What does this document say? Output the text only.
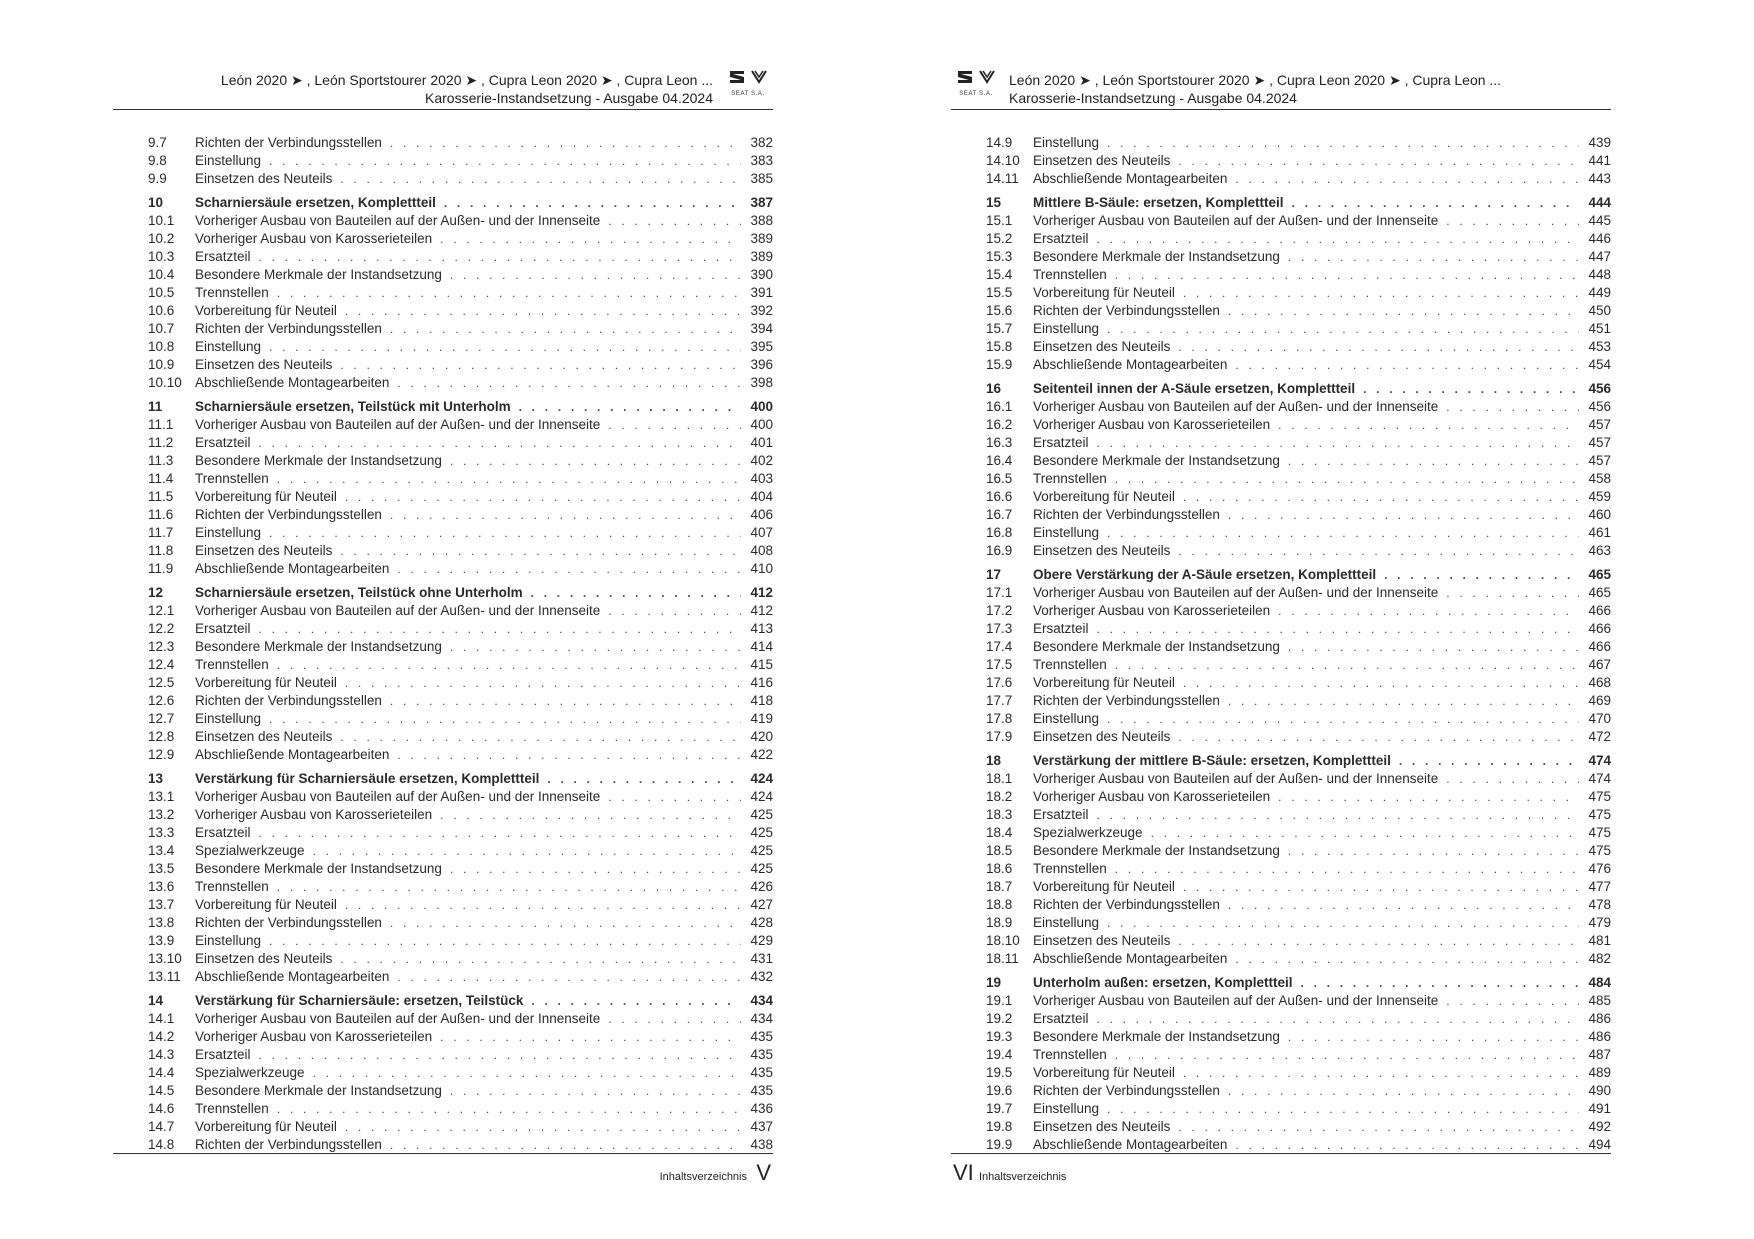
León 2020 ➤ , León Sportstourer 2020 ➤ , Cupra Leon 2020 ➤ , Cupra Leon ...
Karosserie-Instandsetzung - Ausgabe 04.2024	SEAT S.A.
9.7	Richten der Verbindungsstellen . . .	382
9.8	Einstellung . . .	383
9.9	Einsetzen des Neuteils . . .	385
10	Scharniersäule ersetzen, Komplettteil . . .	387
10.1	Vorheriger Ausbau von Bauteilen auf der Außen- und der Innenseite . . .	388
10.2	Vorheriger Ausbau von Karosserieteilen . . .	389
10.3	Ersatzteil . . .	389
10.4	Besondere Merkmale der Instandsetzung . . .	390
10.5	Trennstellen . . .	391
10.6	Vorbereitung für Neuteil . . .	392
10.7	Richten der Verbindungsstellen . . .	394
10.8	Einstellung . . .	395
10.9	Einsetzen des Neuteils . . .	396
10.10 Abschließende Montagearbeiten . . .	398
11	Scharniersäule ersetzen, Teilstück mit Unterholm . . .	400
11.1	Vorheriger Ausbau von Bauteilen auf der Außen- und der Innenseite . . .	400
11.2	Ersatzteil . . .	401
11.3	Besondere Merkmale der Instandsetzung . . .	402
11.4	Trennstellen . . .	403
11.5	Vorbereitung für Neuteil . . .	404
11.6	Richten der Verbindungsstellen . . .	406
11.7	Einstellung . . .	407
11.8	Einsetzen des Neuteils . . .	408
11.9	Abschließende Montagearbeiten . . .	410
12	Scharniersäule ersetzen, Teilstück ohne Unterholm . . .	412
12.1	Vorheriger Ausbau von Bauteilen auf der Außen- und der Innenseite . . .	412
12.2	Ersatzteil . . .	413
12.3	Besondere Merkmale der Instandsetzung . . .	414
12.4	Trennstellen . . .	415
12.5	Vorbereitung für Neuteil . . .	416
12.6	Richten der Verbindungsstellen . . .	418
12.7	Einstellung . . .	419
12.8	Einsetzen des Neuteils . . .	420
12.9	Abschließende Montagearbeiten . . .	422
13	Verstärkung für Scharniersäule ersetzen, Komplettteil . . .	424
13.1	Vorheriger Ausbau von Bauteilen auf der Außen- und der Innenseite . . .	424
13.2	Vorheriger Ausbau von Karosserieteilen . . .	425
13.3	Ersatzteil . . .	425
13.4	Spezialwerkzeuge . . .	425
13.5	Besondere Merkmale der Instandsetzung . . .	425
13.6	Trennstellen . . .	426
13.7	Vorbereitung für Neuteil . . .	427
13.8	Richten der Verbindungsstellen . . .	428
13.9	Einstellung . . .	429
13.10 Einsetzen des Neuteils . . .	431
13.11	Abschließende Montagearbeiten . . .	432
14	Verstärkung für Scharniersäule: ersetzen, Teilstück . . .	434
14.1	Vorheriger Ausbau von Bauteilen auf der Außen- und der Innenseite . . .	434
14.2	Vorheriger Ausbau von Karosserieteilen . . .	435
14.3	Ersatzteil . . .	435
14.4	Spezialwerkzeuge . . .	435
14.5	Besondere Merkmale der Instandsetzung . . .	435
14.6	Trennstellen . . .	436
14.7	Vorbereitung für Neuteil . . .	437
14.8	Richten der Verbindungsstellen . . .	438
Inhaltsverzeichnis V
SEAT S.A.
León 2020 ➤ , León Sportstourer 2020 ➤ , Cupra Leon 2020 ➤ , Cupra Leon ...
Karosserie-Instandsetzung - Ausgabe 04.2024
14.9	Einstellung . . .	439
14.10 Einsetzen des Neuteils . . .	441
14.11	Abschließende Montagearbeiten . . .	443
15	Mittlere B-Säule: ersetzen, Komplettteil . . .	444
15.1	Vorheriger Ausbau von Bauteilen auf der Außen- und der Innenseite . . .	445
15.2	Ersatzteil . . .	446
15.3	Besondere Merkmale der Instandsetzung . . .	447
15.4	Trennstellen . . .	448
15.5	Vorbereitung für Neuteil . . .	449
15.6	Richten der Verbindungsstellen . . .	450
15.7	Einstellung . . .	451
15.8	Einsetzen des Neuteils . . .	453
15.9	Abschließende Montagearbeiten . . .	454
16	Seitenteil innen der A-Säule ersetzen, Komplettteil . . .	456
16.1	Vorheriger Ausbau von Bauteilen auf der Außen- und der Innenseite . . .	456
16.2	Vorheriger Ausbau von Karosserieteilen . . .	457
16.3	Ersatzteil . . .	457
16.4	Besondere Merkmale der Instandsetzung . . .	457
16.5	Trennstellen . . .	458
16.6	Vorbereitung für Neuteil . . .	459
16.7	Richten der Verbindungsstellen . . .	460
16.8	Einstellung . . .	461
16.9	Einsetzen des Neuteils . . .	463
17	Obere Verstärkung der A-Säule ersetzen, Komplettteil . . .	465
17.1	Vorheriger Ausbau von Bauteilen auf der Außen- und der Innenseite . . .	465
17.2	Vorheriger Ausbau von Karosserieteilen . . .	466
17.3	Ersatzteil . . .	466
17.4	Besondere Merkmale der Instandsetzung . . .	466
17.5	Trennstellen . . .	467
17.6	Vorbereitung für Neuteil . . .	468
17.7	Richten der Verbindungsstellen . . .	469
17.8	Einstellung . . .	470
17.9	Einsetzen des Neuteils . . .	472
18	Verstärkung der mittlere B-Säule: ersetzen, Komplettteil . . .	474
18.1	Vorheriger Ausbau von Bauteilen auf der Außen- und der Innenseite . . .	474
18.2	Vorheriger Ausbau von Karosserieteilen . . .	475
18.3	Ersatzteil . . .	475
18.4	Spezialwerkzeuge . . .	475
18.5	Besondere Merkmale der Instandsetzung . . .	475
18.6	Trennstellen . . .	476
18.7	Vorbereitung für Neuteil . . .	477
18.8	Richten der Verbindungsstellen . . .	478
18.9	Einstellung . . .	479
18.10 Einsetzen des Neuteils . . .	481
18.11	Abschließende Montagearbeiten . . .	482
19	Unterholm außen: ersetzen, Komplettteil . . .	484
19.1	Vorheriger Ausbau von Bauteilen auf der Außen- und der Innenseite . . .	485
19.2	Ersatzteil . . .	486
19.3	Besondere Merkmale der Instandsetzung . . .	486
19.4	Trennstellen . . .	487
19.5	Vorbereitung für Neuteil . . .	489
19.6	Richten der Verbindungsstellen . . .	490
19.7	Einstellung . . .	491
19.8	Einsetzen des Neuteils . . .	492
19.9	Abschließende Montagearbeiten . . .	494
VI Inhaltsverzeichnis
